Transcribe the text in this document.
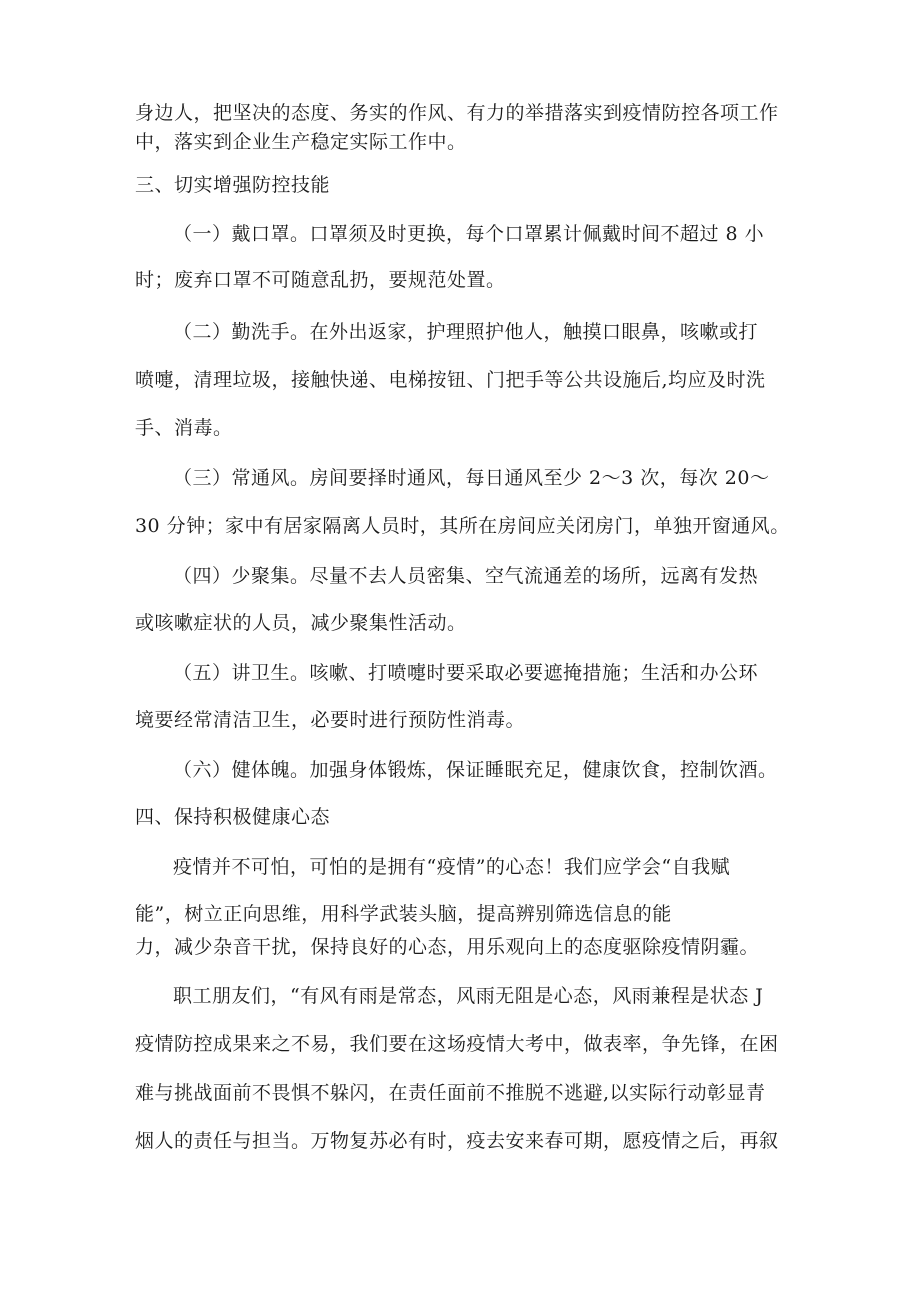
身边人，把坚决的态度、务实的作风、有力的举措落实到疫情防控各项工作
中，落实到企业生产稳定实际工作中。
三、切实增强防控技能
（一）戴口罩。口罩须及时更换，每个口罩累计佩戴时间不超过 8 小
时；废弃口罩不可随意乱扔，要规范处置。
（二）勤洗手。在外出返家，护理照护他人，触摸口眼鼻，咳嗽或打
喷嚏，清理垃圾，接触快递、电梯按钮、门把手等公共设施后,均应及时洗
手、消毒。
（三）常通风。房间要择时通风，每日通风至少 2～3 次，每次 20～
30 分钟；家中有居家隔离人员时，其所在房间应关闭房门，单独开窗通风。
（四）少聚集。尽量不去人员密集、空气流通差的场所，远离有发热
或咳嗽症状的人员，减少聚集性活动。
（五）讲卫生。咳嗽、打喷嚏时要采取必要遮掩措施；生活和办公环
境要经常清洁卫生，必要时进行预防性消毒。
（六）健体魄。加强身体锻炼，保证睡眠充足，健康饮食，控制饮酒。
四、保持积极健康心态
疫情并不可怕，可怕的是拥有“疫情”的心态！我们应学会“自我赋
能”，树立正向思维，用科学武装头脑，提高辨别筛选信息的能
力，减少杂音干扰，保持良好的心态，用乐观向上的态度驱除疫情阴霾。
职工朋友们，“有风有雨是常态，风雨无阻是心态，风雨兼程是状态 J
疫情防控成果来之不易，我们要在这场疫情大考中，做表率，争先锋，在困
难与挑战面前不畏惧不躲闪，在责任面前不推脱不逃避,以实际行动彰显青
烟人的责任与担当。万物复苏必有时，疫去安来春可期，愿疫情之后，再叙
